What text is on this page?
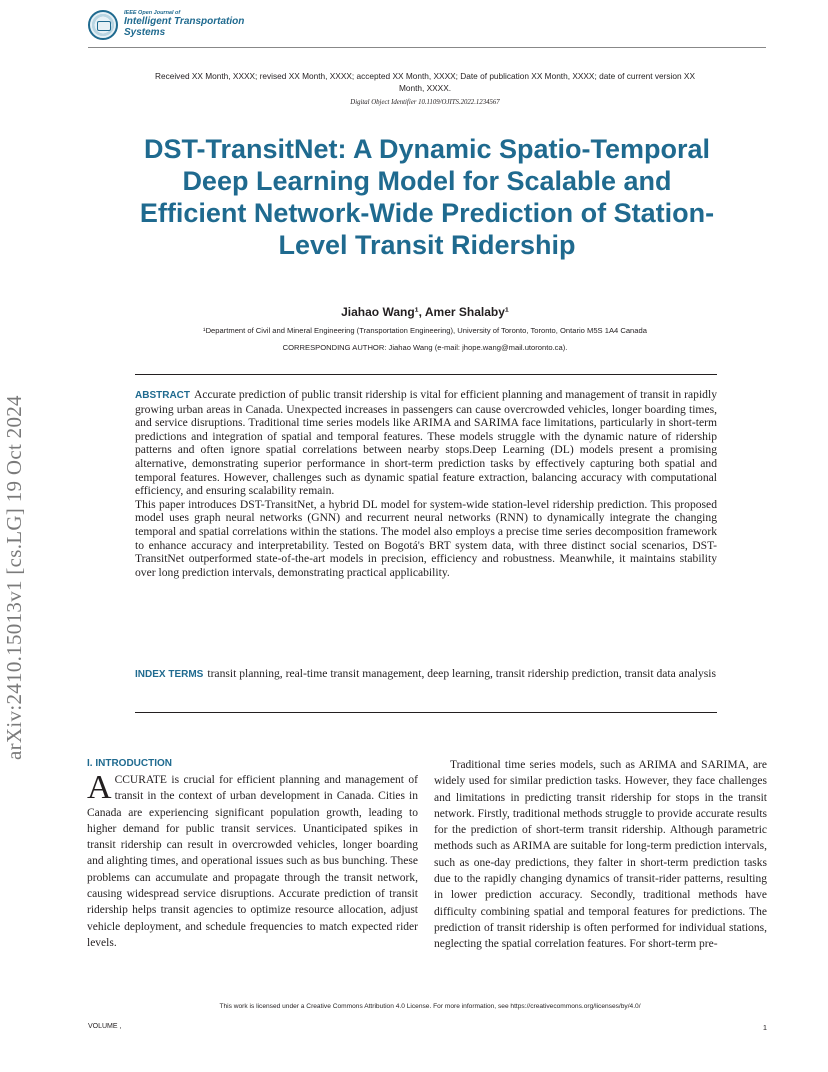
IEEE Open Journal of
Intelligent Transportation
Systems
arXiv:2410.15013v1 [cs.LG] 19 Oct 2024
Received XX Month, XXXX; revised XX Month, XXXX; accepted XX Month, XXXX; Date of publication XX Month, XXXX; date of current version XX Month, XXXX.
Digital Object Identifier 10.1109/OJITS.2022.1234567
DST-TransitNet: A Dynamic Spatio-Temporal Deep Learning Model for Scalable and Efficient Network-Wide Prediction of Station-Level Transit Ridership
Jiahao Wang¹, Amer Shalaby¹
¹Department of Civil and Mineral Engineering (Transportation Engineering), University of Toronto, Toronto, Ontario M5S 1A4 Canada
CORRESPONDING AUTHOR: Jiahao Wang (e-mail: jhope.wang@mail.utoronto.ca).

ABSTRACT Accurate prediction of public transit ridership is vital for efficient planning and management of transit in rapidly growing urban areas in Canada. Unexpected increases in passengers can cause overcrowded vehicles, longer boarding times, and service disruptions. Traditional time series models like ARIMA and SARIMA face limitations, particularly in short-term predictions and integration of spatial and temporal features. These models struggle with the dynamic nature of ridership patterns and often ignore spatial correlations between nearby stops.Deep Learning (DL) models present a promising alternative, demonstrating superior performance in short-term prediction tasks by effectively capturing both spatial and temporal features. However, challenges such as dynamic spatial feature extraction, balancing accuracy with computational efficiency, and ensuring scalability remain.

This paper introduces DST-TransitNet, a hybrid DL model for system-wide station-level ridership prediction. This proposed model uses graph neural networks (GNN) and recurrent neural networks (RNN) to dynamically integrate the changing temporal and spatial correlations within the stations. The model also employs a precise time series decomposition framework to enhance accuracy and interpretability. Tested on Bogotá's BRT system data, with three distinct social scenarios, DST-TransitNet outperformed state-of-the-art models in precision, efficiency and robustness. Meanwhile, it maintains stability over long prediction intervals, demonstrating practical applicability.

INDEX TERMS transit planning, real-time transit management, deep learning, transit ridership prediction, transit data analysis
I. INTRODUCTION
ACCURATE is crucial for efficient planning and management of transit in the context of urban development in Canada. Cities in Canada are experiencing significant population growth, leading to higher demand for public transit services. Unanticipated spikes in transit ridership can result in overcrowded vehicles, longer boarding and alighting times, and operational issues such as bus bunching. These problems can accumulate and propagate through the transit network, causing widespread service disruptions. Accurate prediction of transit ridership helps transit agencies to optimize resource allocation, adjust vehicle deployment, and schedule frequencies to match expected rider levels.
Traditional time series models, such as ARIMA and SARIMA, are widely used for similar prediction tasks. However, they face challenges and limitations in predicting transit ridership for stops in the transit network. Firstly, traditional methods struggle to provide accurate results for the prediction of short-term transit ridership. Although parametric methods such as ARIMA are suitable for long-term prediction intervals, such as one-day predictions, they falter in short-term prediction tasks due to the rapidly changing dynamics of transit-rider patterns, resulting in lower prediction accuracy. Secondly, traditional methods have difficulty combining spatial and temporal features for predictions. The prediction of transit ridership is often performed for individual stations, neglecting the spatial correlation features. For short-term pre-
This work is licensed under a Creative Commons Attribution 4.0 License. For more information, see https://creativecommons.org/licenses/by/4.0/
VOLUME ,	1
